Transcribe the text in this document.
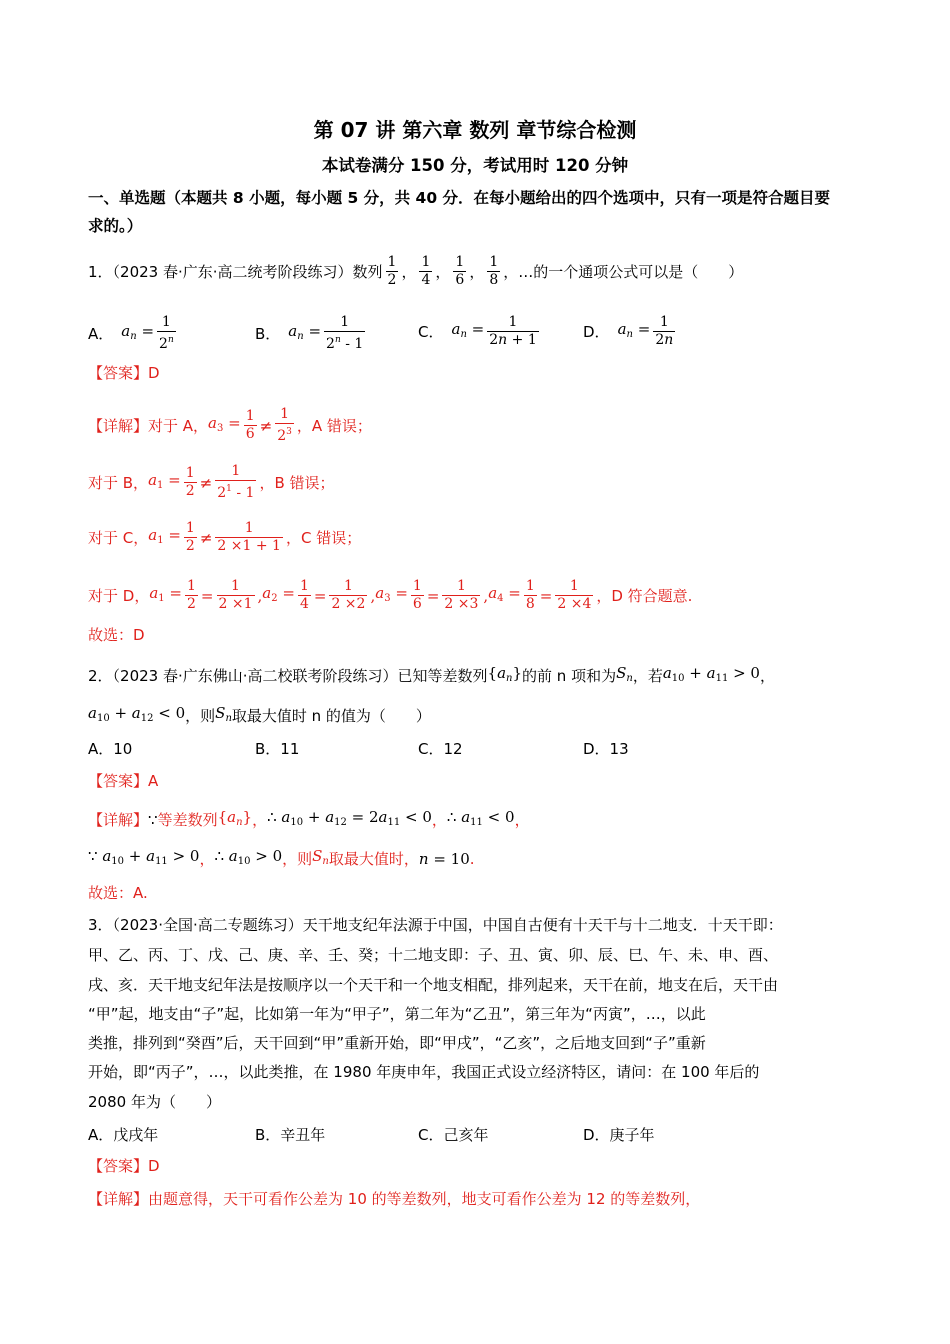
第 07 讲 第六章 数列 章节综合检测
本试卷满分 150 分，考试用时 120 分钟
一、单选题（本题共 8 小题，每小题 5 分，共 40 分．在每小题给出的四个选项中，只有一项是符合题目要
求的。）
1．（2023 春·广东·高二统考阶段练习）数列 $\frac{1}{2}$ ， $\frac{1}{4}$ ， $\frac{1}{6}$ ， $\frac{1}{8}$ ，…的一个通项公式可以是（　　）
A． $a_n = \frac{1}{2^n}$	B． $a_n = \frac{1}{2^n - 1}$	C． $a_n = \frac{1}{2n + 1}$	D． $a_n = \frac{1}{2n}$
【答案】D
【详解】 对于 A， $a_3 = \frac{1}{6} \ne \frac{1}{2^3}$ ，A 错误；
对于 B， $a_1 = \frac{1}{2} \ne \frac{1}{2^1 - 1}$ ，B 错误；
对于 C， $a_1 = \frac{1}{2} \ne \frac{1}{2 \times 1 + 1}$ ，C 错误；
对于 D， $a_1 = \frac{1}{2} = \frac{1}{2 \times 1}$ , $a_2 = \frac{1}{4} = \frac{1}{2 \times 2}$ , $a_3 = \frac{1}{6} = \frac{1}{2 \times 3}$ , $a_4 = \frac{1}{8} = \frac{1}{2 \times 4}$ ，D 符合题意.
故选：D
2．（2023 春·广东佛山·高二校联考阶段练习）已知等差数列 $\{a_n\}$ 的前 n 项和为 $S_n$ ，若 $a_{10} + a_{11} > 0$ ，
$a_{10} + a_{12} < 0$ ，则 $S_n$ 取最大值时 n 的值为（　　）
A．10	B．11	C．12	D．13
【答案】A
【详解】 ∵ 等差数列 $\{a_n\}$ ， ∴ $a_{10} + a_{12} = 2a_{11} < 0$ ， ∴ $a_{11} < 0$ ，
∵ $a_{10} + a_{11} > 0$ ， ∴ $a_{10} > 0$ ，则 $S_n$ 取最大值时， n = 10 .
故选：A.
3．（2023·全国·高二专题练习）天干地支纪年法源于中国，中国自古便有十天干与十二地支．十天干即：
甲、乙、丙、丁、戊、己、庚、辛、壬、癸；十二地支即：子、丑、寅、卯、辰、巳、午、未、申、酉、
戌、亥．天干地支纪年法是按顺序以一个天干和一个地支相配，排列起来，天干在前，地支在后，天干由
“甲”起，地支由“子”起，比如第一年为“甲子”，第二年为“乙丑”，第三年为“丙寅”，…，以此
类推，排列到“癸酉”后，天干回到“甲”重新开始，即“甲戌”，“乙亥”，之后地支回到“子”重新
开始，即“丙子”，…，以此类推，在 1980 年庚申年，我国正式设立经济特区，请问：在 100 年后的
2080 年为（　　）
A．戊戌年	B．辛丑年	C．己亥年	D．庚子年
【答案】D
【详解】由题意得，天干可看作公差为 10 的等差数列，地支可看作公差为 12 的等差数列，
